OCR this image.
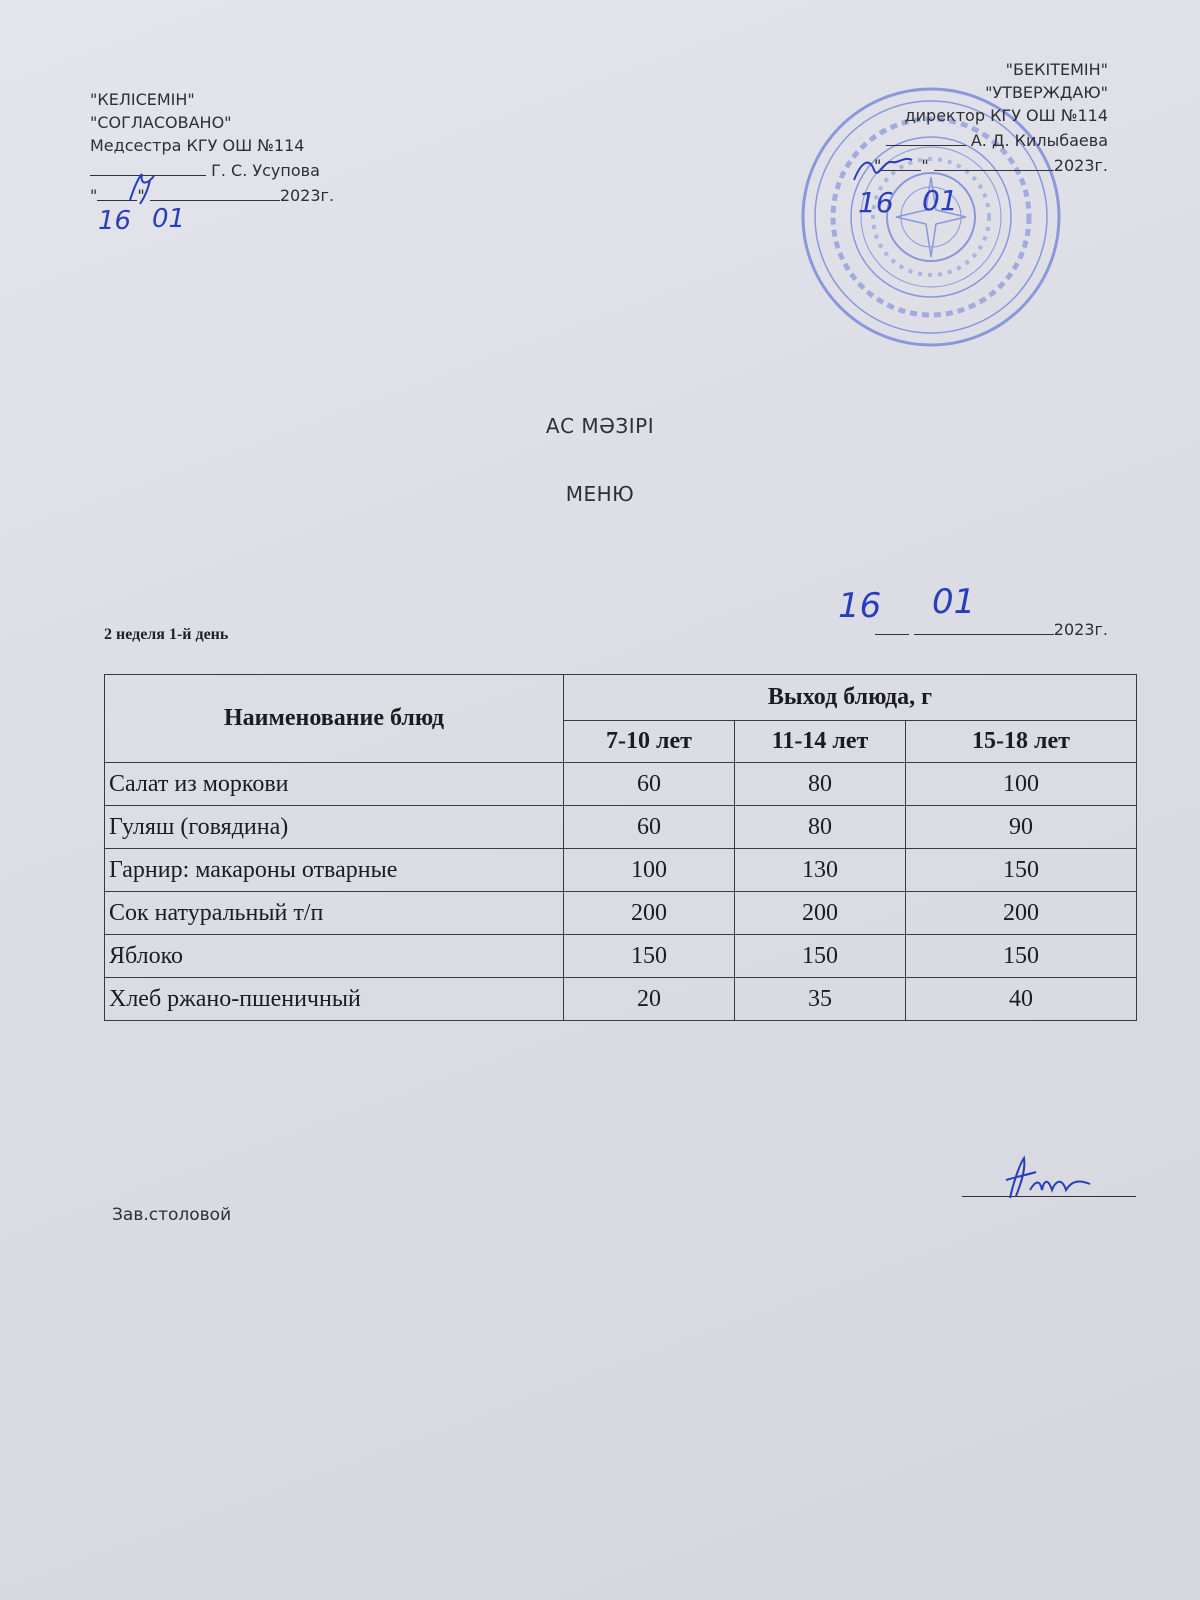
"КЕЛІСЕМІН"
"СОГЛАСОВАНО"
Медсестра КГУ ОШ №114
Г. С. Усупова
"	"	2023г.
16 01
"БЕКІТЕМІН"
"УТВЕРЖДАЮ"
директор КГУ ОШ №114
А. Д. Килыбаева
"	"	2023г.
16 01
АС МӘЗІРІ
МЕНЮ
2 неделя 1-й день	2023г.
16 01
Наименование блюд	Выход блюда, г		
	7-10 лет	11-14 лет	15-18 лет
Салат из моркови	60	80	100
Гуляш (говядина)	60	80	90
Гарнир: макароны отварные	100	130	150
Сок натуральный т/п	200	200	200
Яблоко	150	150	150
Хлеб ржано-пшеничный	20	35	40
Зав.столовой
